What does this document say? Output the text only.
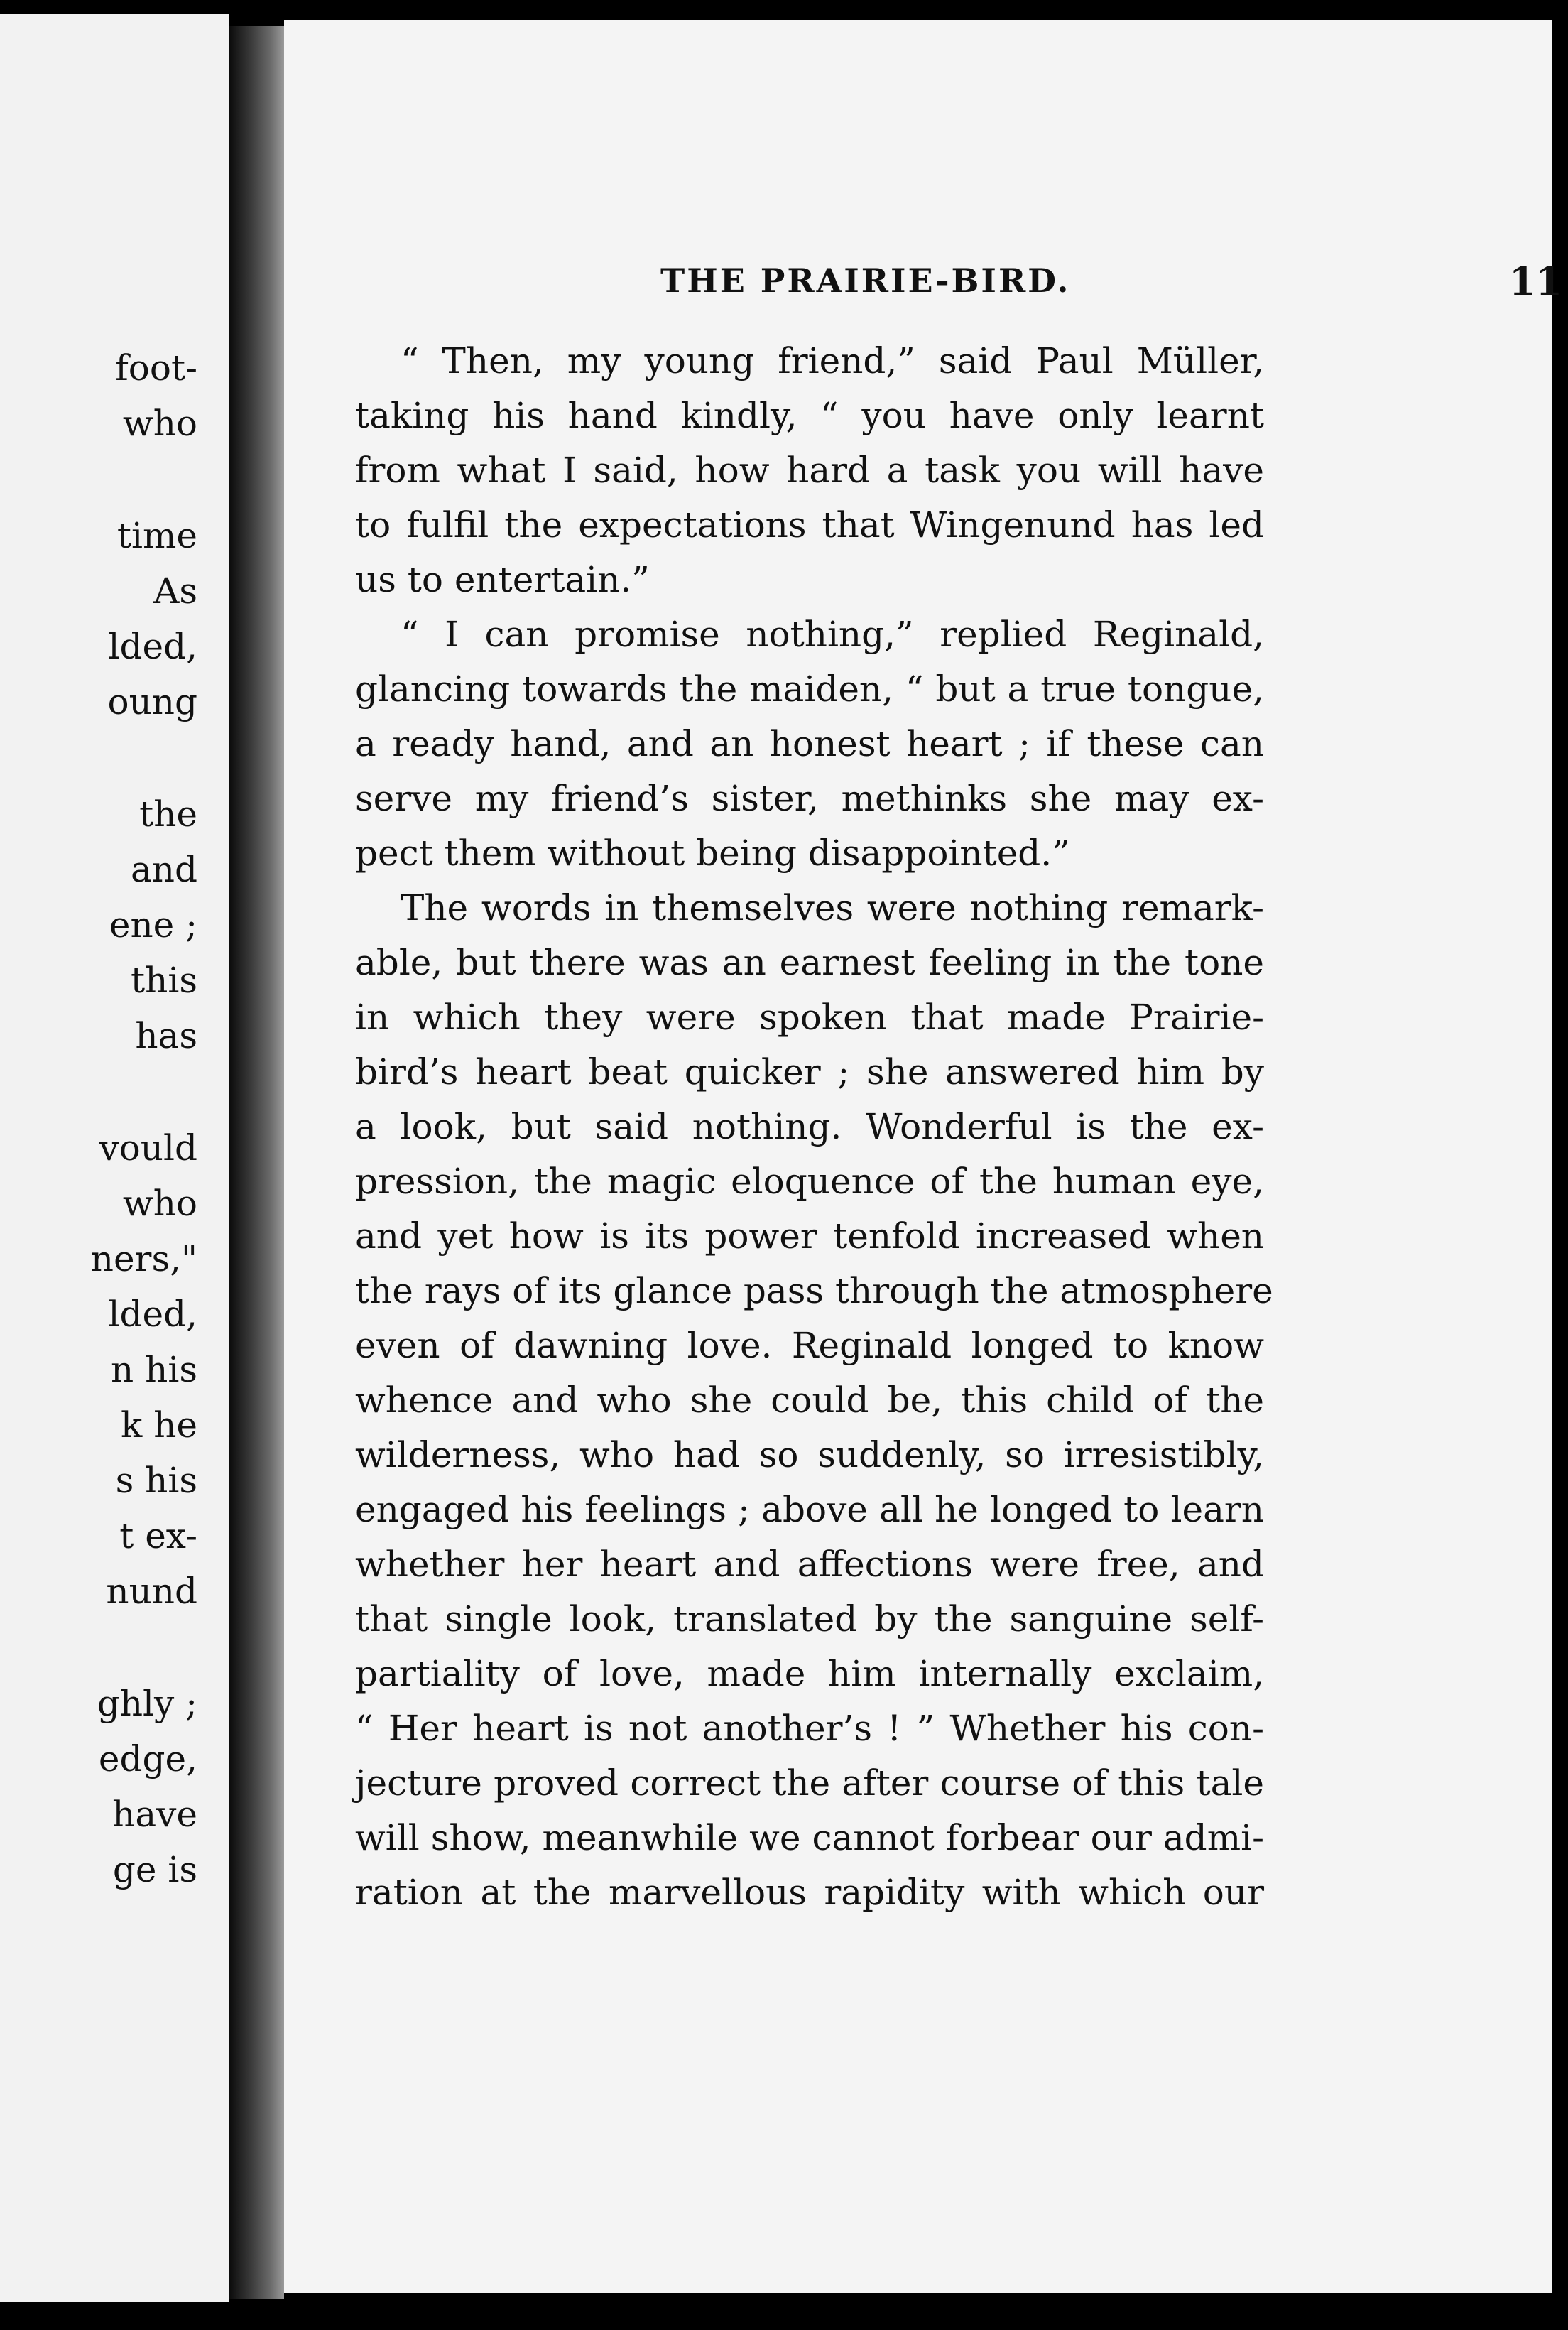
foot-
who
time
As
lded,
oung
the
and
ene ;
this
has
vould
who
ners,"
lded,
n his
k he
s his
t ex-
nund
ghly ;
edge,
have
ge is
THE PRAIRIE-BIRD.	11
“ Then, my young friend,” said Paul Müller,
taking his hand kindly, “ you have only learnt
from what I said, how hard a task you will have
to fulfil the expectations that Wingenund has led
us to entertain.”
“ I can promise nothing,” replied Reginald,
glancing towards the maiden, “ but a true tongue,
a ready hand, and an honest heart ; if these can
serve my friend’s sister, methinks she may ex-
pect them without being disappointed.”
The words in themselves were nothing remark-
able, but there was an earnest feeling in the tone
in which they were spoken that made Prairie-
bird’s heart beat quicker ; she answered him by
a look, but said nothing. Wonderful is the ex-
pression, the magic eloquence of the human eye,
and yet how is its power tenfold increased when
the rays of its glance pass through the atmosphere
even of dawning love. Reginald longed to know
whence and who she could be, this child of the
wilderness, who had so suddenly, so irresistibly,
engaged his feelings ; above all he longed to learn
whether her heart and affections were free, and
that single look, translated by the sanguine self-
partiality of love, made him internally exclaim,
“ Her heart is not another’s ! ” Whether his con-
jecture proved correct the after course of this tale
will show, meanwhile we cannot forbear our admi-
ration at the marvellous rapidity with which our
